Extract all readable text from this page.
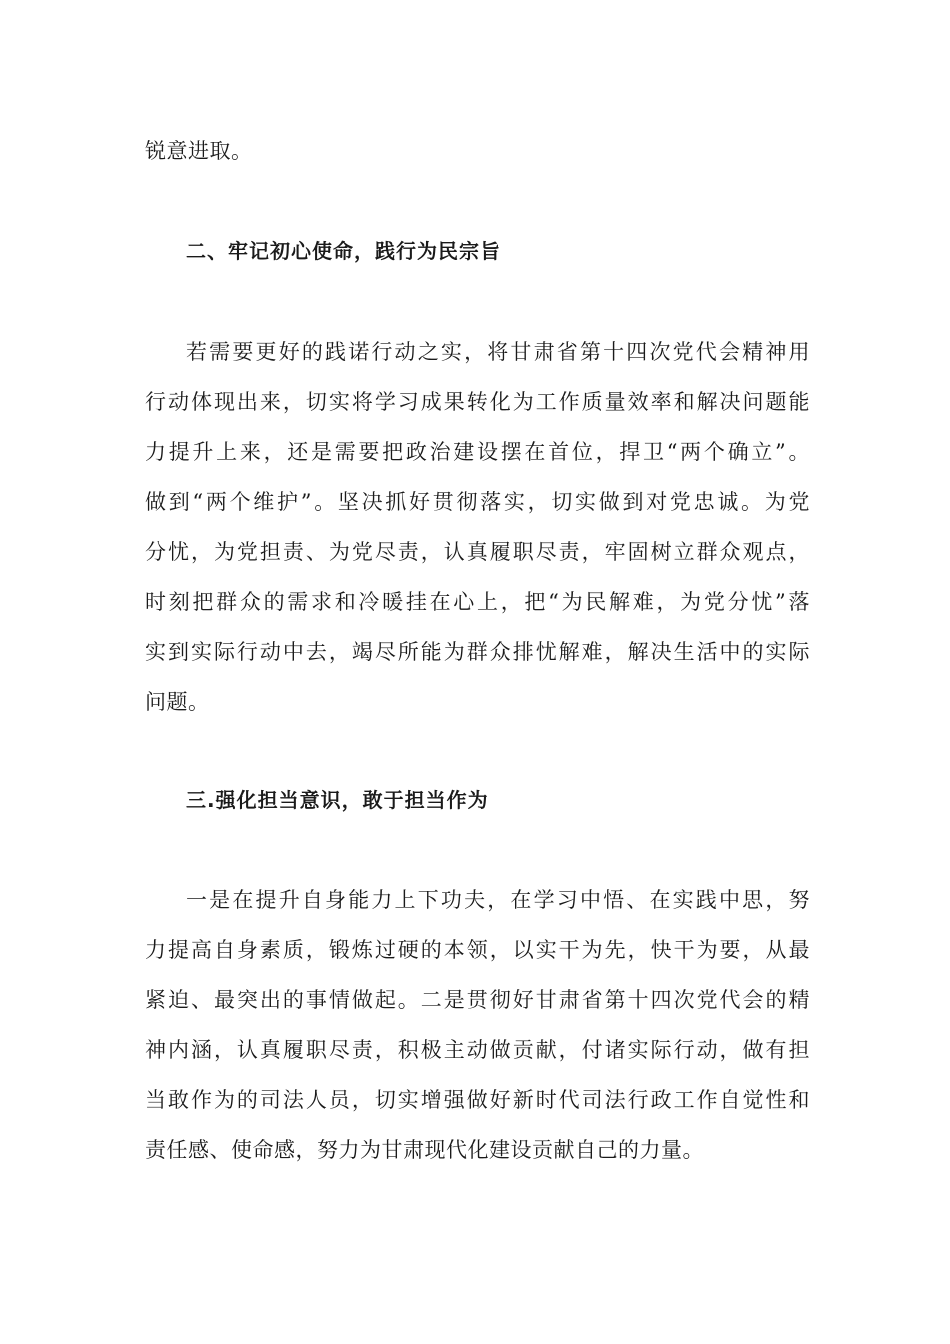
锐意进取。
二、牢记初心使命，践行为民宗旨
若需要更好的践诺行动之实，将甘肃省第十四次党代会精神用
行动体现出来，切实将学习成果转化为工作质量效率和解决问题能
力提升上来，还是需要把政治建设摆在首位，捍卫“两个确立”。
做到“两个维护”。坚决抓好贯彻落实，切实做到对党忠诚。为党
分忧，为党担责、为党尽责，认真履职尽责，牢固树立群众观点，
时刻把群众的需求和冷暖挂在心上，把“为民解难，为党分忧”落
实到实际行动中去，竭尽所能为群众排忧解难，解决生活中的实际
问题。
三.强化担当意识，敢于担当作为
一是在提升自身能力上下功夫，在学习中悟、在实践中思，努
力提高自身素质，锻炼过硬的本领，以实干为先，快干为要，从最
紧迫、最突出的事情做起。二是贯彻好甘肃省第十四次党代会的精
神内涵，认真履职尽责，积极主动做贡献，付诸实际行动，做有担
当敢作为的司法人员，切实增强做好新时代司法行政工作自觉性和
责任感、使命感，努力为甘肃现代化建设贡献自己的力量。
